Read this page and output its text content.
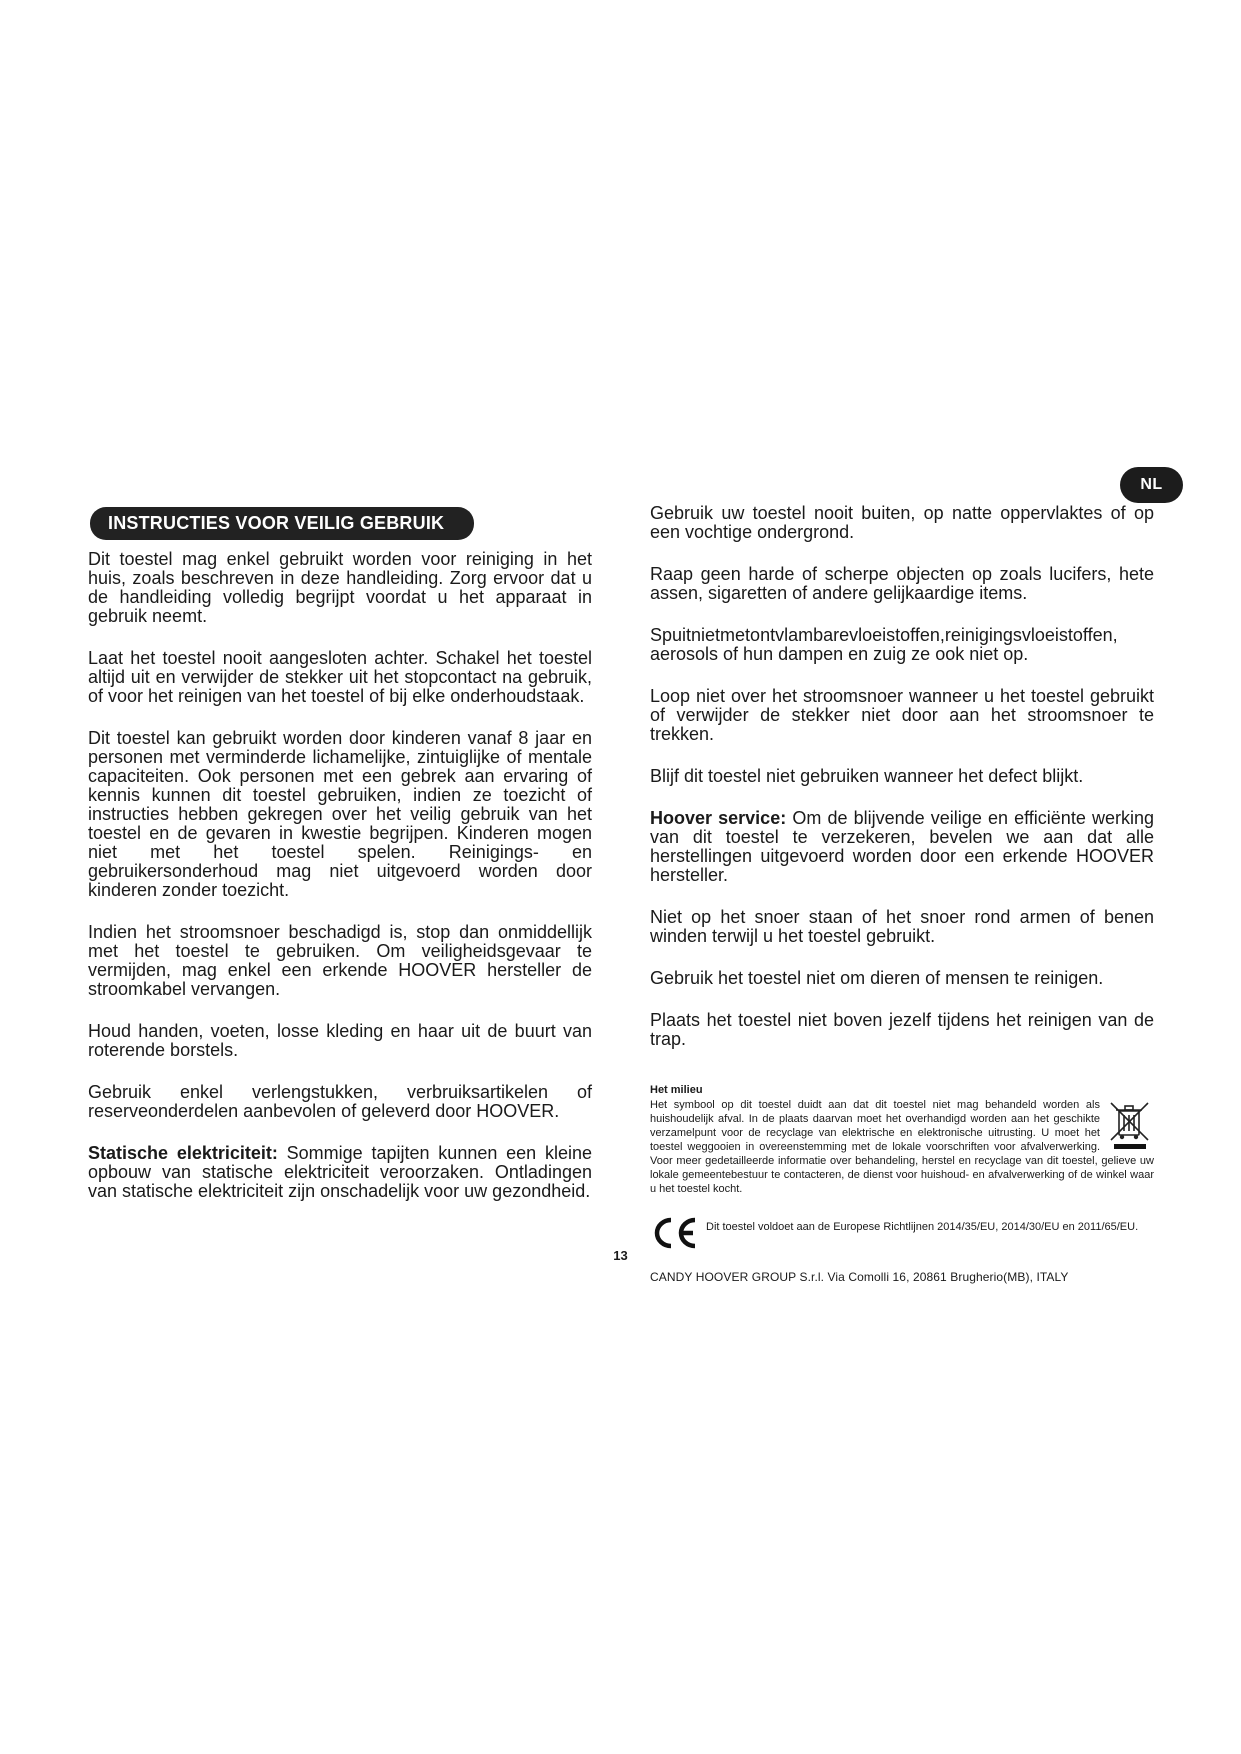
NL
INSTRUCTIES VOOR VEILIG GEBRUIK

Dit toestel mag enkel gebruikt worden voor reiniging in het huis, zoals beschreven in deze handleiding. Zorg ervoor dat u de handleiding volledig begrijpt voordat u het apparaat in gebruik neemt.

Laat het toestel nooit aangesloten achter. Schakel het toestel altijd uit en verwijder de stekker uit het stopcontact na gebruik, of voor het reinigen van het toestel of bij elke onderhoudstaak.

Dit toestel kan gebruikt worden door kinderen vanaf 8 jaar en personen met verminderde lichamelijke, zintuiglijke of mentale capaciteiten. Ook personen met een gebrek aan ervaring of kennis kunnen dit toestel gebruiken, indien ze toezicht of instructies hebben gekregen over het veilig gebruik van het toestel en de gevaren in kwestie begrijpen. Kinderen mogen niet met het toestel spelen. Reinigings- en gebruikersonderhoud mag niet uitgevoerd worden door kinderen zonder toezicht.

Indien het stroomsnoer beschadigd is, stop dan onmiddellijk met het toestel te gebruiken. Om veiligheidsgevaar te vermijden, mag enkel een erkende HOOVER hersteller de stroomkabel vervangen.

Houd handen, voeten, losse kleding en haar uit de buurt van roterende borstels.

Gebruik enkel verlengstukken, verbruiksartikelen of reserveonderdelen aanbevolen of geleverd door HOOVER.

Statische elektriciteit: Sommige tapijten kunnen een kleine opbouw van statische elektriciteit veroorzaken. Ontladingen van statische elektriciteit zijn onschadelijk voor uw gezondheid.

Gebruik uw toestel nooit buiten, op natte oppervlaktes of op een vochtige ondergrond.

Raap geen harde of scherpe objecten op zoals lucifers, hete assen, sigaretten of andere gelijkaardige items.

Spuitnietmetontvlambarevloeistoffen,reinigingsvloeistoffen, aerosols of hun dampen en zuig ze ook niet op.

Loop niet over het stroomsnoer wanneer u het toestel gebruikt of verwijder de stekker niet door aan het stroomsnoer te trekken.

Blijf dit toestel niet gebruiken wanneer het defect blijkt.

Hoover service: Om de blijvende veilige en efficiënte werking van dit toestel te verzekeren, bevelen we aan dat alle herstellingen uitgevoerd worden door een erkende HOOVER hersteller.

Niet op het snoer staan of het snoer rond armen of benen winden terwijl u het toestel gebruikt.

Gebruik het toestel niet om dieren of mensen te reinigen.

Plaats het toestel niet boven jezelf tijdens het reinigen van de trap.

Het milieu
Het symbool op dit toestel duidt aan dat dit toestel niet mag behandeld worden als huishoudelijk afval. In de plaats daarvan moet het overhandigd worden aan het geschikte verzamelpunt voor de recyclage van elektrische en elektronische uitrusting. U moet het toestel weggooien in overeenstemming met de lokale voorschriften voor afvalverwerking. Voor meer gedetailleerde informatie over behandeling, herstel en recyclage van dit toestel, gelieve uw lokale gemeentebestuur te contacteren, de dienst voor huishoud- en afvalverwerking of de winkel waar u het toestel kocht.
Dit toestel voldoet aan de Europese Richtlijnen 2014/35/EU, 2014/30/EU en 2011/65/EU.
CANDY HOOVER GROUP S.r.l. Via Comolli 16, 20861 Brugherio(MB), ITALY
13
